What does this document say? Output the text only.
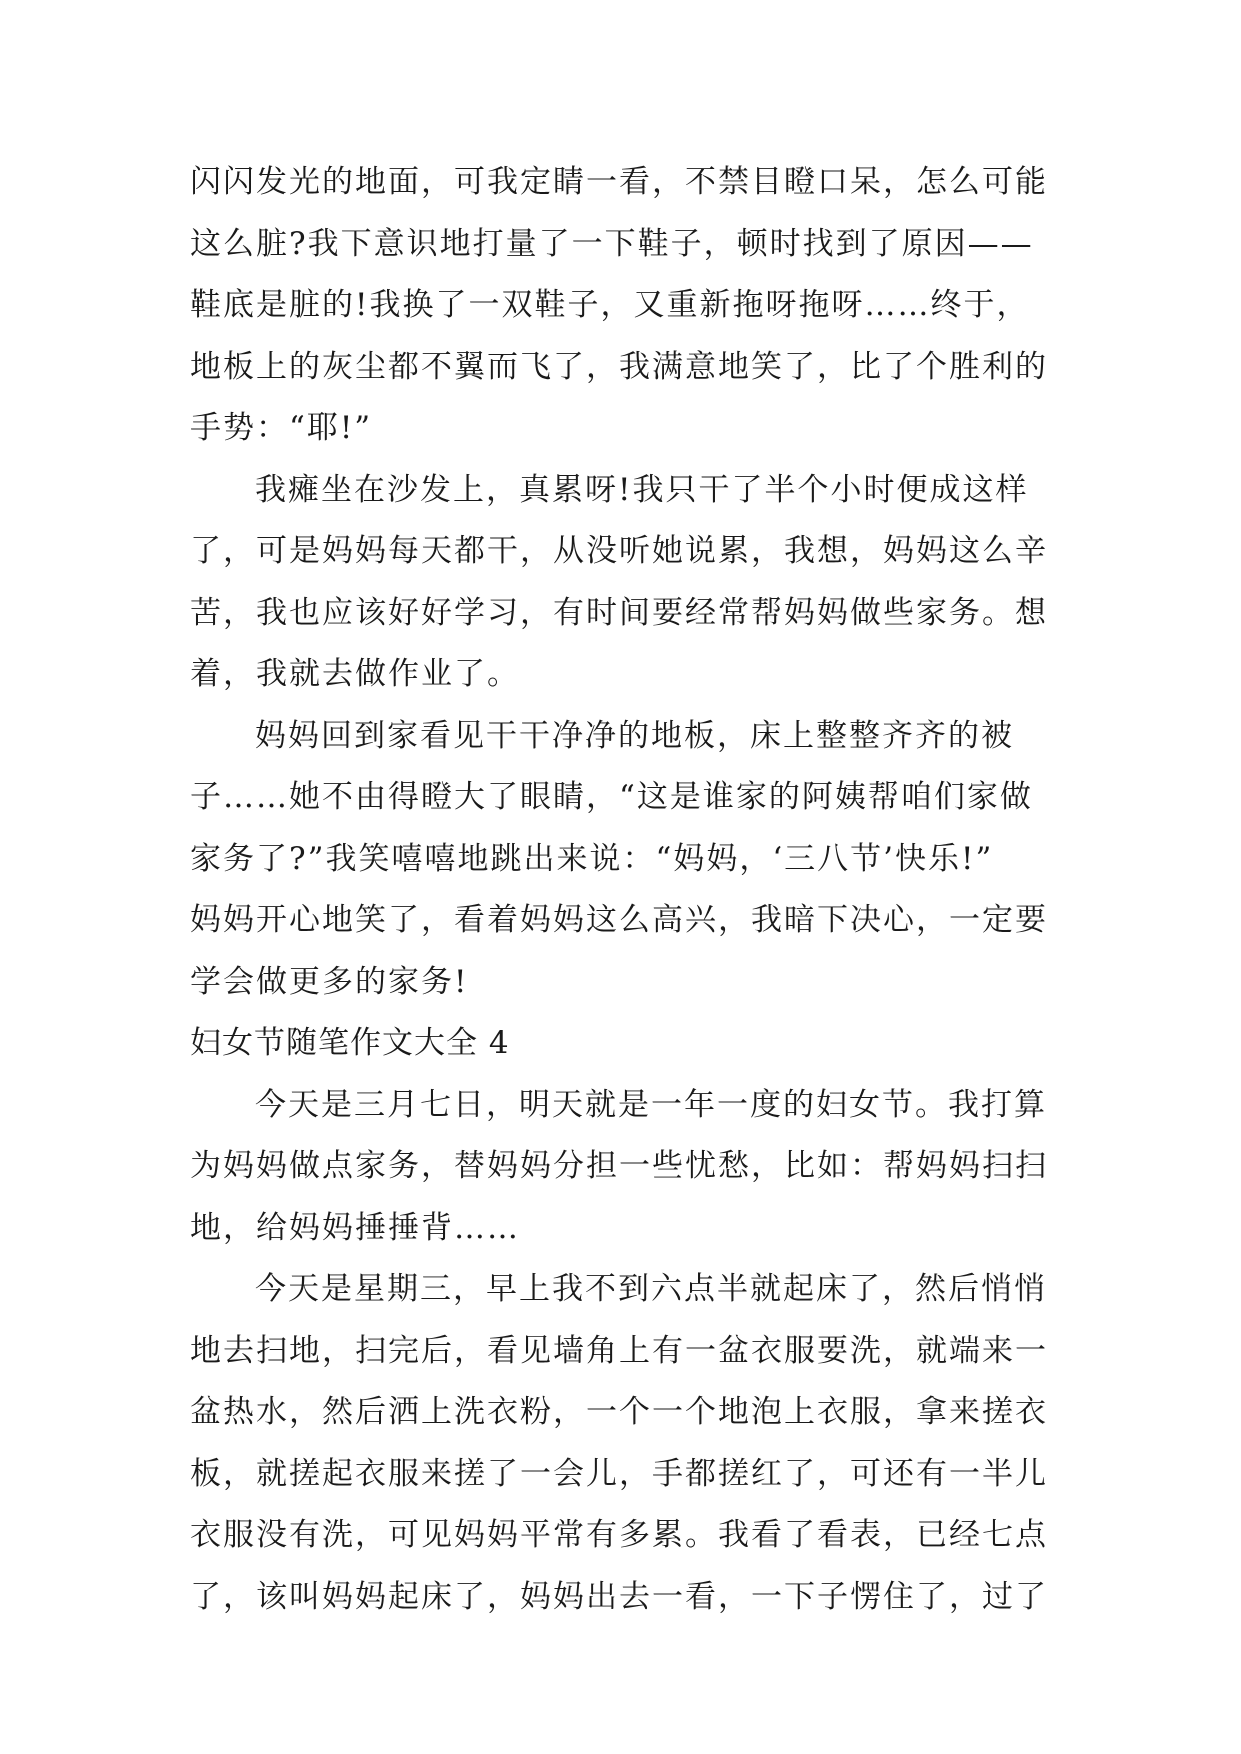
闪闪发光的地面，可我定睛一看，不禁目瞪口呆，怎么可能
这么脏?我下意识地打量了一下鞋子，顿时找到了原因——
鞋底是脏的!我换了一双鞋子，又重新拖呀拖呀……终于，
地板上的灰尘都不翼而飞了，我满意地笑了，比了个胜利的
手势：“耶!”
我瘫坐在沙发上，真累呀!我只干了半个小时便成这样
了，可是妈妈每天都干，从没听她说累，我想，妈妈这么辛
苦，我也应该好好学习，有时间要经常帮妈妈做些家务。想
着，我就去做作业了。
妈妈回到家看见干干净净的地板，床上整整齐齐的被
子……她不由得瞪大了眼睛，“这是谁家的阿姨帮咱们家做
家务了?”我笑嘻嘻地跳出来说：“妈妈，‘三八节’快乐!”
妈妈开心地笑了，看着妈妈这么高兴，我暗下决心，一定要
学会做更多的家务!
妇女节随笔作文大全 4
今天是三月七日，明天就是一年一度的妇女节。我打算
为妈妈做点家务，替妈妈分担一些忧愁，比如：帮妈妈扫扫
地，给妈妈捶捶背……
今天是星期三，早上我不到六点半就起床了，然后悄悄
地去扫地，扫完后，看见墙角上有一盆衣服要洗，就端来一
盆热水，然后洒上洗衣粉，一个一个地泡上衣服，拿来搓衣
板，就搓起衣服来搓了一会儿，手都搓红了，可还有一半儿
衣服没有洗，可见妈妈平常有多累。我看了看表，已经七点
了，该叫妈妈起床了，妈妈出去一看，一下子愣住了，过了
